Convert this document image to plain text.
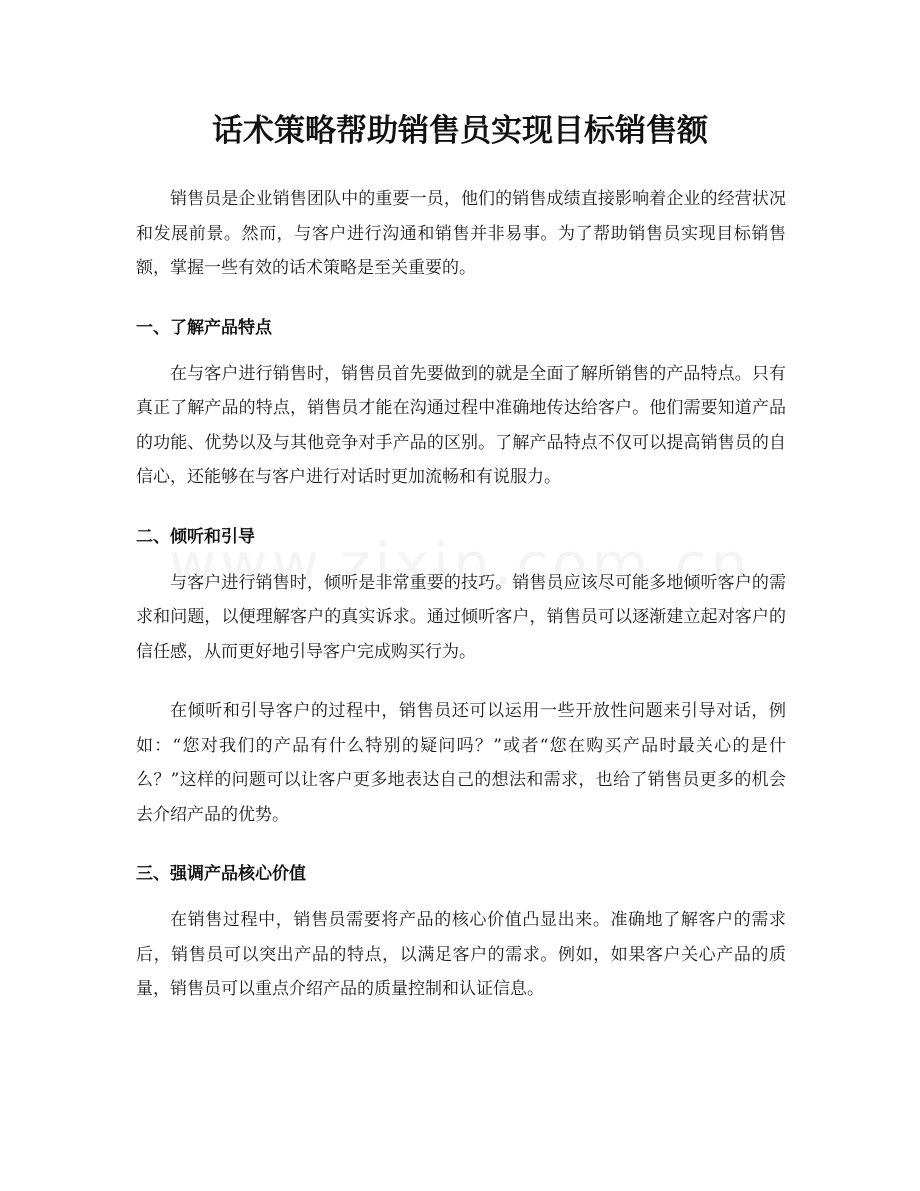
话术策略帮助销售员实现目标销售额

销售员是企业销售团队中的重要一员，他们的销售成绩直接影响着企业的经营状况和发展前景。然而，与客户进行沟通和销售并非易事。为了帮助销售员实现目标销售额，掌握一些有效的话术策略是至关重要的。

一、了解产品特点

在与客户进行销售时，销售员首先要做到的就是全面了解所销售的产品特点。只有真正了解产品的特点，销售员才能在沟通过程中准确地传达给客户。他们需要知道产品的功能、优势以及与其他竞争对手产品的区别。了解产品特点不仅可以提高销售员的自信心，还能够在与客户进行对话时更加流畅和有说服力。

二、倾听和引导

与客户进行销售时，倾听是非常重要的技巧。销售员应该尽可能多地倾听客户的需求和问题，以便理解客户的真实诉求。通过倾听客户，销售员可以逐渐建立起对客户的信任感，从而更好地引导客户完成购买行为。

在倾听和引导客户的过程中，销售员还可以运用一些开放性问题来引导对话，例如：“您对我们的产品有什么特别的疑问吗？”或者“您在购买产品时最关心的是什么？”这样的问题可以让客户更多地表达自己的想法和需求，也给了销售员更多的机会去介绍产品的优势。

三、强调产品核心价值

在销售过程中，销售员需要将产品的核心价值凸显出来。准确地了解客户的需求后，销售员可以突出产品的特点，以满足客户的需求。例如，如果客户关心产品的质量，销售员可以重点介绍产品的质量控制和认证信息。
